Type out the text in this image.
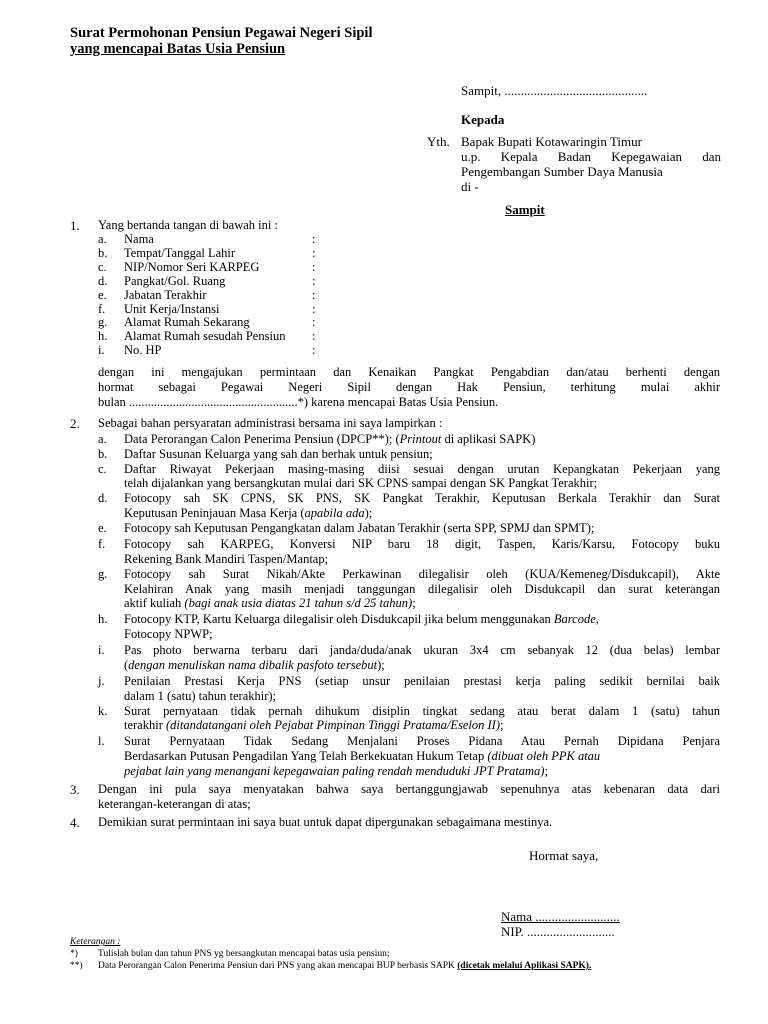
Surat Permohonan Pensiun Pegawai Negeri Sipil
yang mencapai Batas Usia Pensiun
Sampit, ............................................
Kepada
Yth. Bapak Bupati Kotawaringin Timur
u.p. Kepala Badan Kepegawaian dan
Pengembangan Sumber Daya Manusia
di -
Sampit
1. Yang bertanda tangan di bawah ini :
a. Nama	:
b. Tempat/Tanggal Lahir	:
c. NIP/Nomor Seri KARPEG	:
d. Pangkat/Gol. Ruang	:
e. Jabatan Terakhir	:
f. Unit Kerja/Instansi	:
g. Alamat Rumah Sekarang	:
h. Alamat Rumah sesudah Pensiun :
i. No. HP	:
dengan ini mengajukan permintaan dan Kenaikan Pangkat Pengabdian dan/atau berhenti dengan
hormat sebagai Pegawai Negeri Sipil dengan Hak Pensiun, terhitung mulai akhir
bulan ......................................................*) karena mencapai Batas Usia Pensiun.
2. Sebagai bahan persyaratan administrasi bersama ini saya lampirkan :
a. Data Perorangan Calon Penerima Pensiun (DPCP**); (Printout di aplikasi SAPK)
b. Daftar Susunan Keluarga yang sah dan berhak untuk pensiun;
c. Daftar Riwayat Pekerjaan masing-masing diisi sesuai dengan urutan Kepangkatan Pekerjaan yang
telah dijalankan yang bersangkutan mulai dari SK CPNS sampai dengan SK Pangkat Terakhir;
d. Fotocopy sah SK CPNS, SK PNS, SK Pangkat Terakhir, Keputusan Berkala Terakhir dan Surat
Keputusan Peninjauan Masa Kerja (apabila ada);
e. Fotocopy sah Keputusan Pengangkatan dalam Jabatan Terakhir (serta SPP, SPMJ dan SPMT);
f. Fotocopy sah KARPEG, Konversi NIP baru 18 digit, Taspen, Karis/Karsu, Fotocopy buku
Rekening Bank Mandiri Taspen/Mantap;
g. Fotocopy sah Surat Nikah/Akte Perkawinan dilegalisir oleh (KUA/Kemeneg/Disdukcapil), Akte
Kelahiran Anak yang masih menjadi tanggungan dilegalisir oleh Disdukcapil dan surat keterangan
aktif kuliah (bagi anak usia diatas 21 tahun s/d 25 tahun);
h. Fotocopy KTP, Kartu Keluarga dilegalisir oleh Disdukcapil jika belum menggunakan Barcode,
Fotocopy NPWP;
i. Pas photo berwarna terbaru dari janda/duda/anak ukuran 3x4 cm sebanyak 12 (dua belas) lembar
(dengan menuliskan nama dibalik pasfoto tersebut);
j. Penilaian Prestasi Kerja PNS (setiap unsur penilaian prestasi kerja paling sedikit bernilai baik
dalam 1 (satu) tahun terakhir);
k. Surat pernyataan tidak pernah dihukum disiplin tingkat sedang atau berat dalam 1 (satu) tahun
terakhir (ditandatangani oleh Pejabat Pimpinan Tinggi Pratama/Eselon II);
l. Surat Pernyataan Tidak Sedang Menjalani Proses Pidana Atau Pernah Dipidana Penjara
Berdasarkan Putusan Pengadilan Yang Telah Berkekuatan Hukum Tetap (dibuat oleh PPK atau
pejabat lain yang menangani kepegawaian paling rendah menduduki JPT Pratama);
3. Dengan ini pula saya menyatakan bahwa saya bertanggungjawab sepenuhnya atas kebenaran data dari
keterangan-keterangan di atas;
4. Demikian surat permintaan ini saya buat untuk dapat dipergunakan sebagaimana mestinya.
Hormat saya,
Nama ..........................
NIP. ...........................
Keterangan :
*) Tulislah bulan dan tahun PNS yg bersangkutan mencapai batas usia pensiun;
**) Data Perorangan Calon Penerima Pensiun dari PNS yang akan mencapai BUP berbasis SAPK (dicetak melalui Aplikasi SAPK).
